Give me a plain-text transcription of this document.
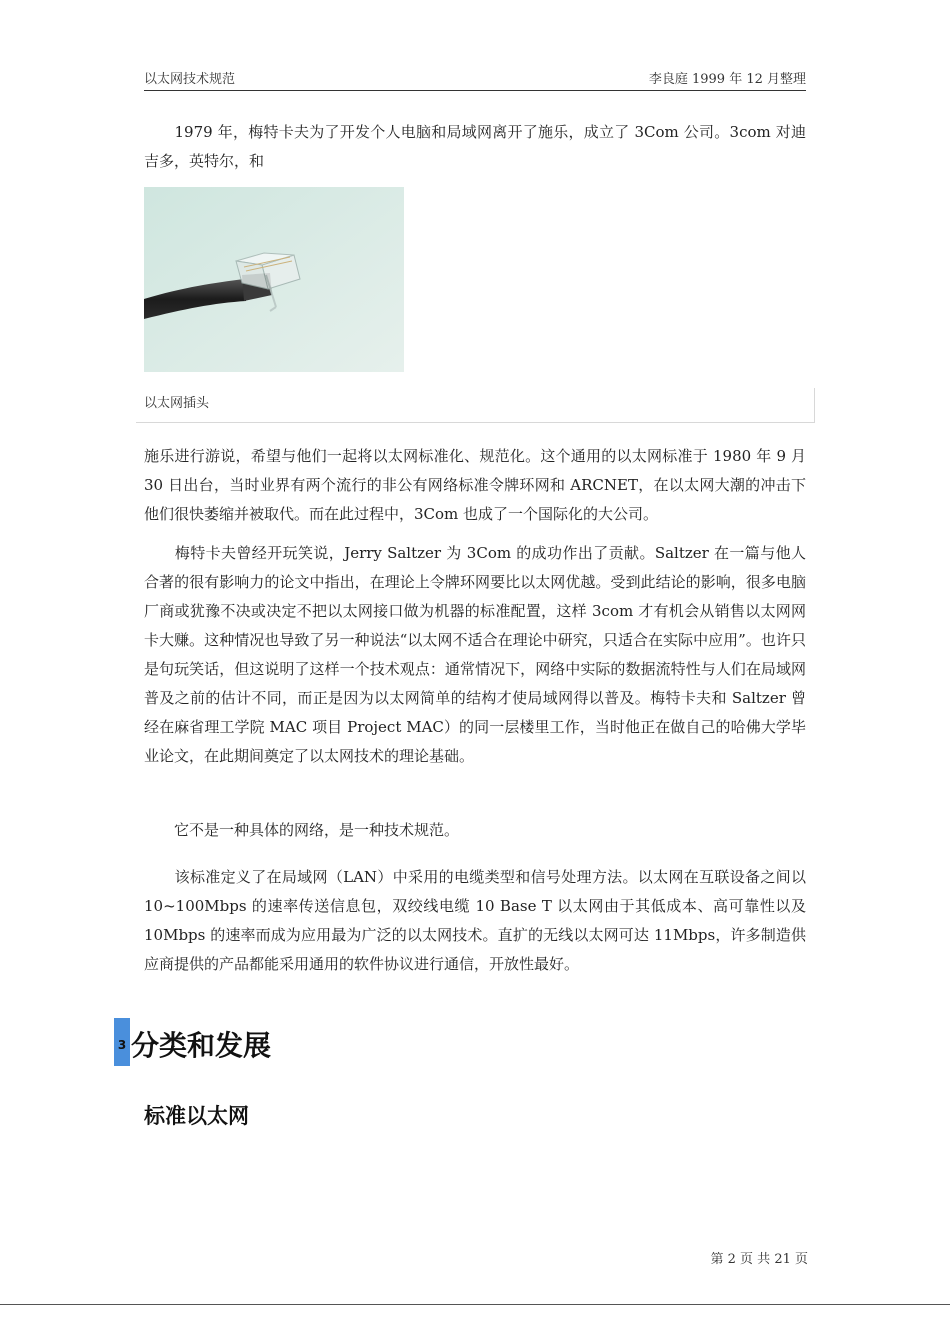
以太网技术规范	李良庭 1999 年 12 月整理

　　1979 年，梅特卡夫为了开发个人电脑和局域网离开了施乐，成立了 3Com 公司。3com 对迪吉多，英特尔，和

以太网插头

施乐进行游说，希望与他们一起将以太网标准化、规范化。这个通用的以太网标准于 1980 年 9 月 30 日出台，当时业界有两个流行的非公有网络标准令牌环网和 ARCNET，在以太网大潮的冲击下他们很快萎缩并被取代。而在此过程中，3Com 也成了一个国际化的大公司。

　　梅特卡夫曾经开玩笑说，Jerry Saltzer 为 3Com 的成功作出了贡献。Saltzer 在一篇与他人合著的很有影响力的论文中指出，在理论上令牌环网要比以太网优越。受到此结论的影响，很多电脑厂商或犹豫不决或决定不把以太网接口做为机器的标准配置，这样 3com 才有机会从销售以太网网卡大赚。这种情况也导致了另一种说法“以太网不适合在理论中研究，只适合在实际中应用”。也许只是句玩笑话，但这说明了这样一个技术观点：通常情况下，网络中实际的数据流特性与人们在局域网普及之前的估计不同，而正是因为以太网简单的结构才使局域网得以普及。梅特卡夫和 Saltzer 曾经在麻省理工学院 MAC 项目 Project MAC）的同一层楼里工作，当时他正在做自己的哈佛大学毕业论文，在此期间奠定了以太网技术的理论基础。

　　它不是一种具体的网络，是一种技术规范。

　　该标准定义了在局域网（LAN）中采用的电缆类型和信号处理方法。以太网在互联设备之间以 10~100Mbps 的速率传送信息包，双绞线电缆 10 Base T 以太网由于其低成本、高可靠性以及 10Mbps 的速率而成为应用最为广泛的以太网技术。直扩的无线以太网可达 11Mbps，许多制造供应商提供的产品都能采用通用的软件协议进行通信，开放性最好。

3 分类和发展
标准以太网
第 2 页 共 21 页
